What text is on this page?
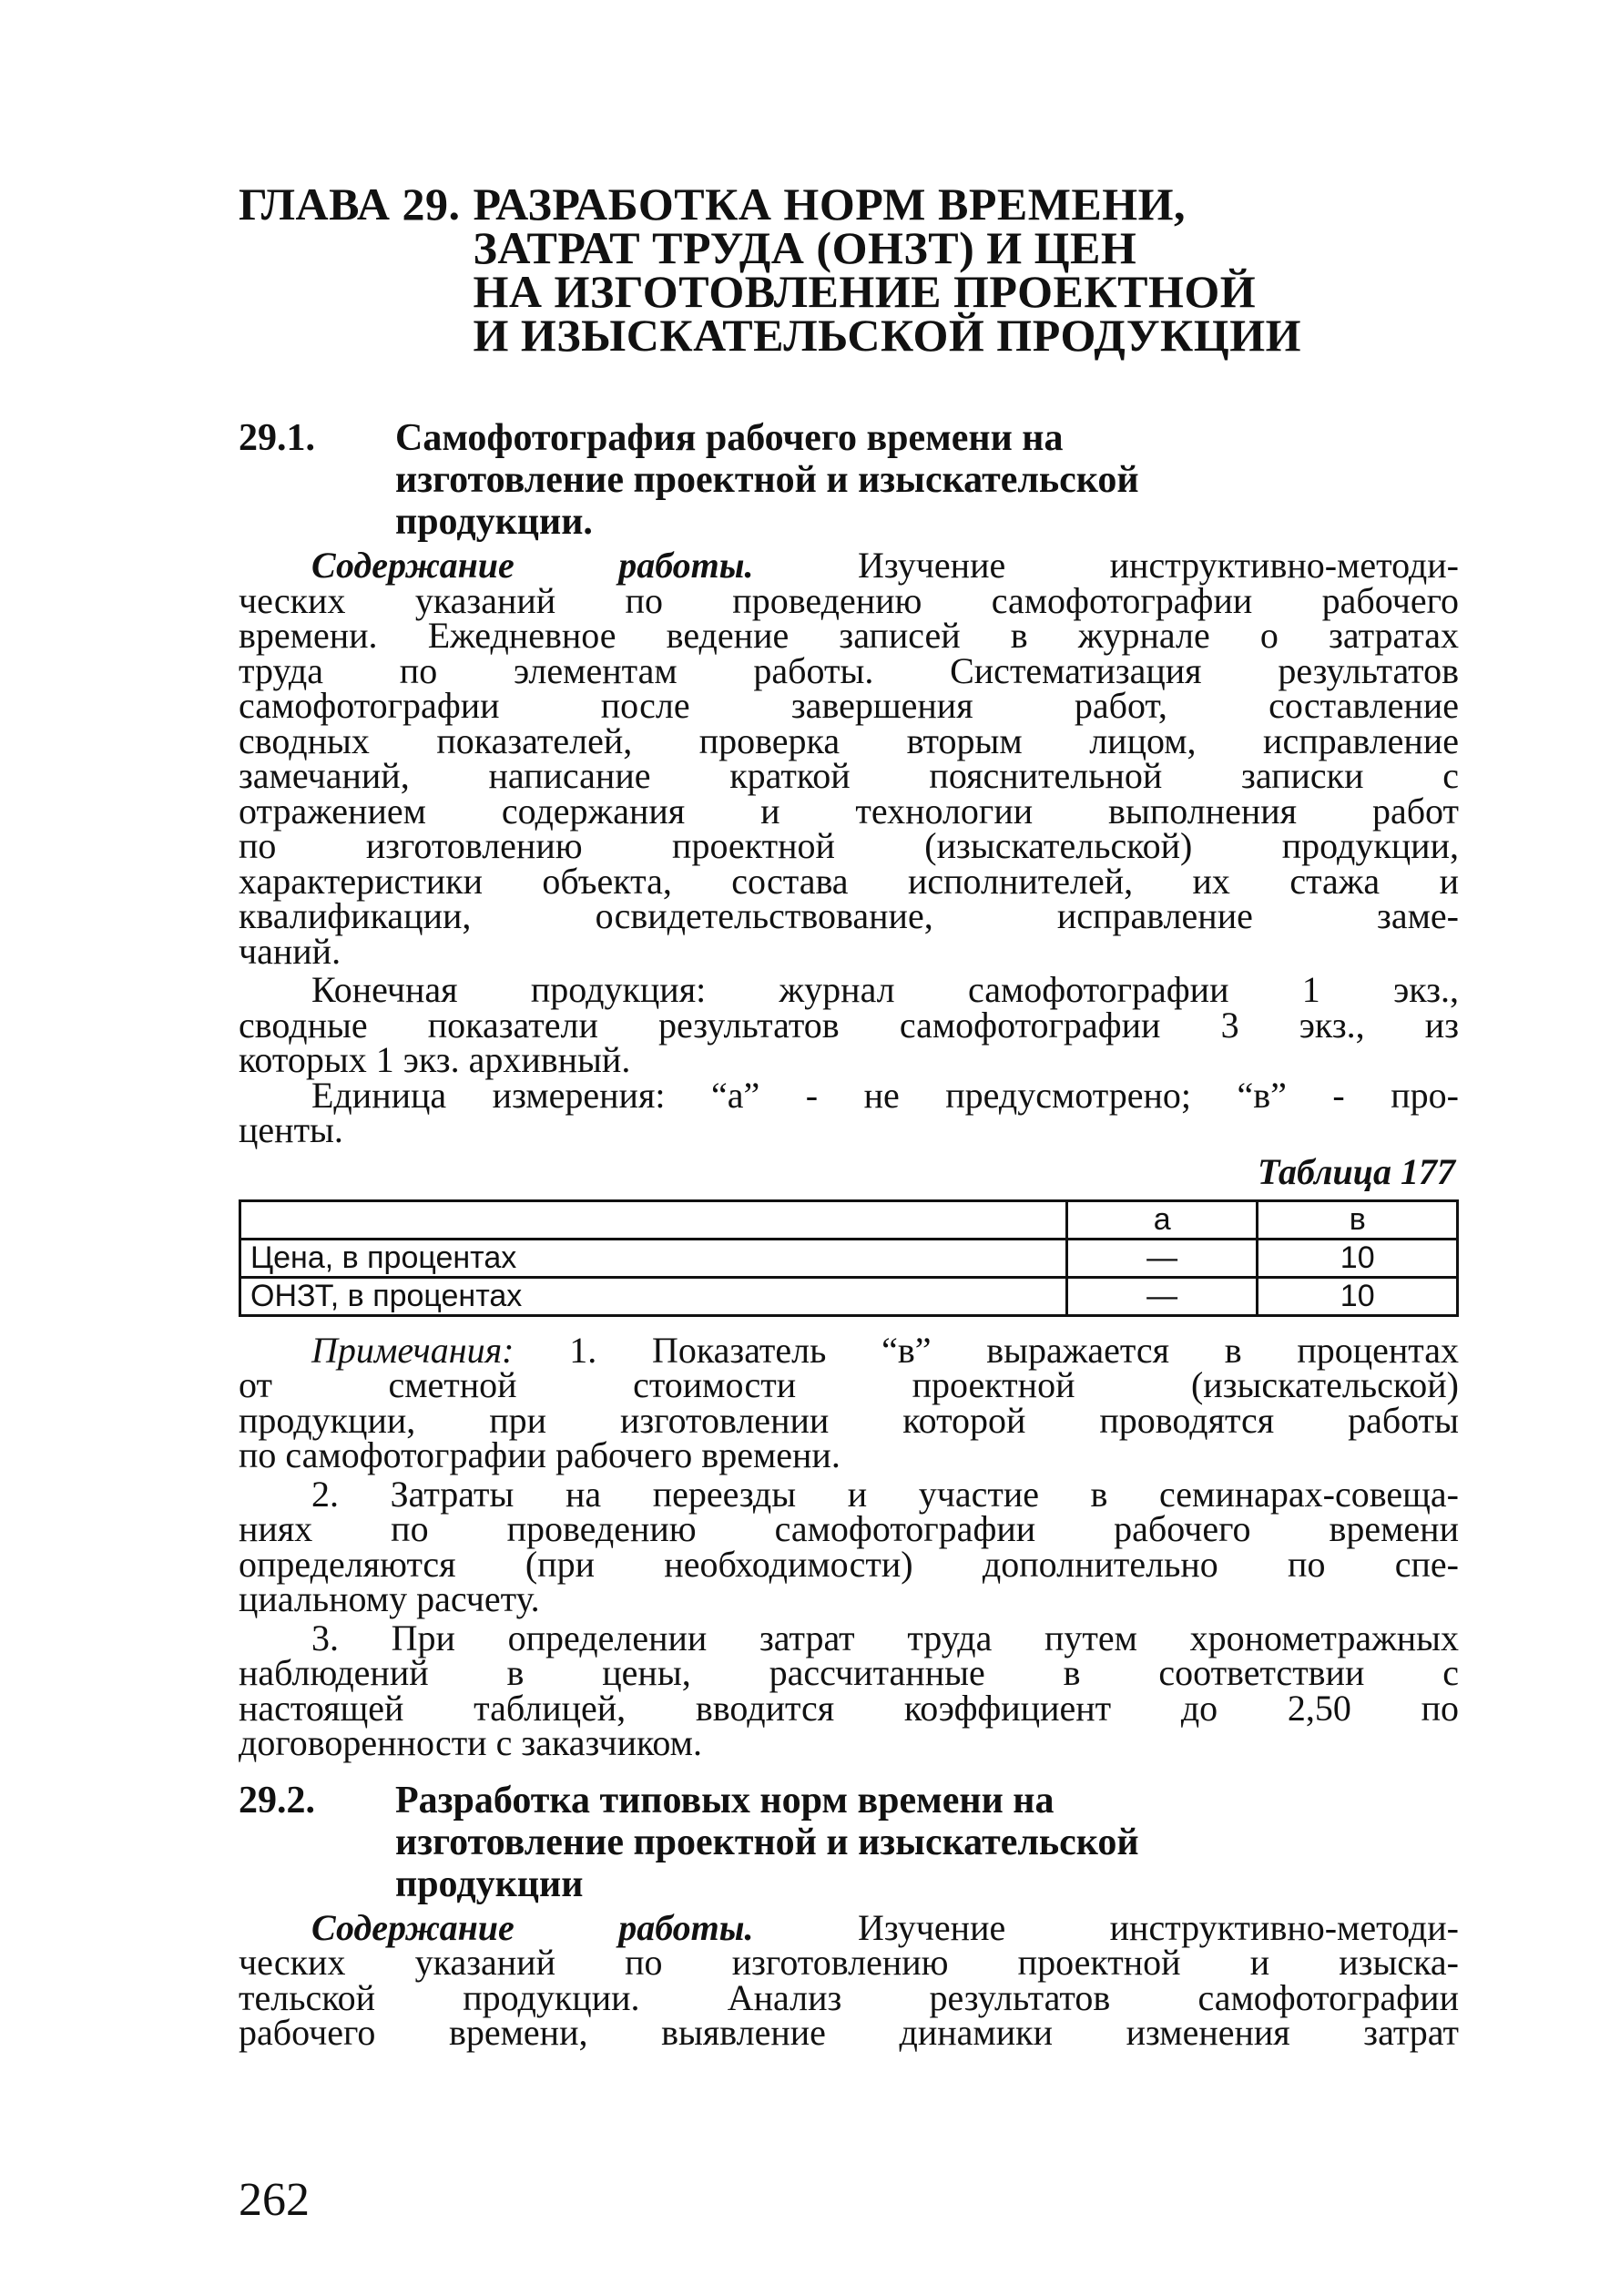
ГЛАВА 29. РАЗРАБОТКА НОРМ ВРЕМЕНИ,
ЗАТРАТ ТРУДА (ОНЗТ) И ЦЕН
НА ИЗГОТОВЛЕНИЕ ПРОЕКТНОЙ
И ИЗЫСКАТЕЛЬСКОЙ ПРОДУКЦИИ
29.1.	Самофотография рабочего времени на
изготовление проектной и изыскательской
продукции.
Содержание работы.	Изучение инструктивно-методи-
ческих указаний по проведению самофотографии рабочего
времени. Ежедневное ведение записей в журнале о затратах
труда по элементам работы. Систематизация результатов
самофотографии после завершения работ, составление
сводных показателей, проверка вторым лицом, исправление
замечаний, написание краткой пояснительной записки с
отражением содержания и технологии выполнения работ
по изготовлению проектной (изыскательской) продукции,
характеристики объекта, состава исполнителей, их стажа и
квалификации, освидетельствование, исправление заме-
чаний.
Конечная продукция: журнал самофотографии 1 экз.,
сводные показатели результатов самофотографии 3 экз., из
которых 1 экз. архивный.
Единица измерения: “а” - не предусмотрено; “в” - про-
центы.
Таблица 177
	а	в
Цена, в процентах	—	10
ОНЗТ, в процентах	—	10
Примечания: 1. Показатель “в” выражается в процентах
от сметной стоимости проектной (изыскательской)
продукции, при изготовлении которой проводятся работы
по самофотографии рабочего времени.
2. Затраты на переезды и участие в семинарах-совеща-
ниях по проведению самофотографии рабочего времени
определяются (при необходимости) дополнительно по спе-
циальному расчету.
3. При определении затрат труда путем хронометражных
наблюдений в цены, рассчитанные в соответствии с
настоящей таблицей, вводится коэффициент до 2,50 по
договоренности с заказчиком.
29.2.	Разработка типовых норм времени на
изготовление проектной и изыскательской
продукции
Содержание работы.	Изучение инструктивно-методи-
ческих указаний по изготовлению проектной и изыска-
тельской продукции. Анализ результатов самофотографии
рабочего времени, выявление динамики изменения затрат
262
